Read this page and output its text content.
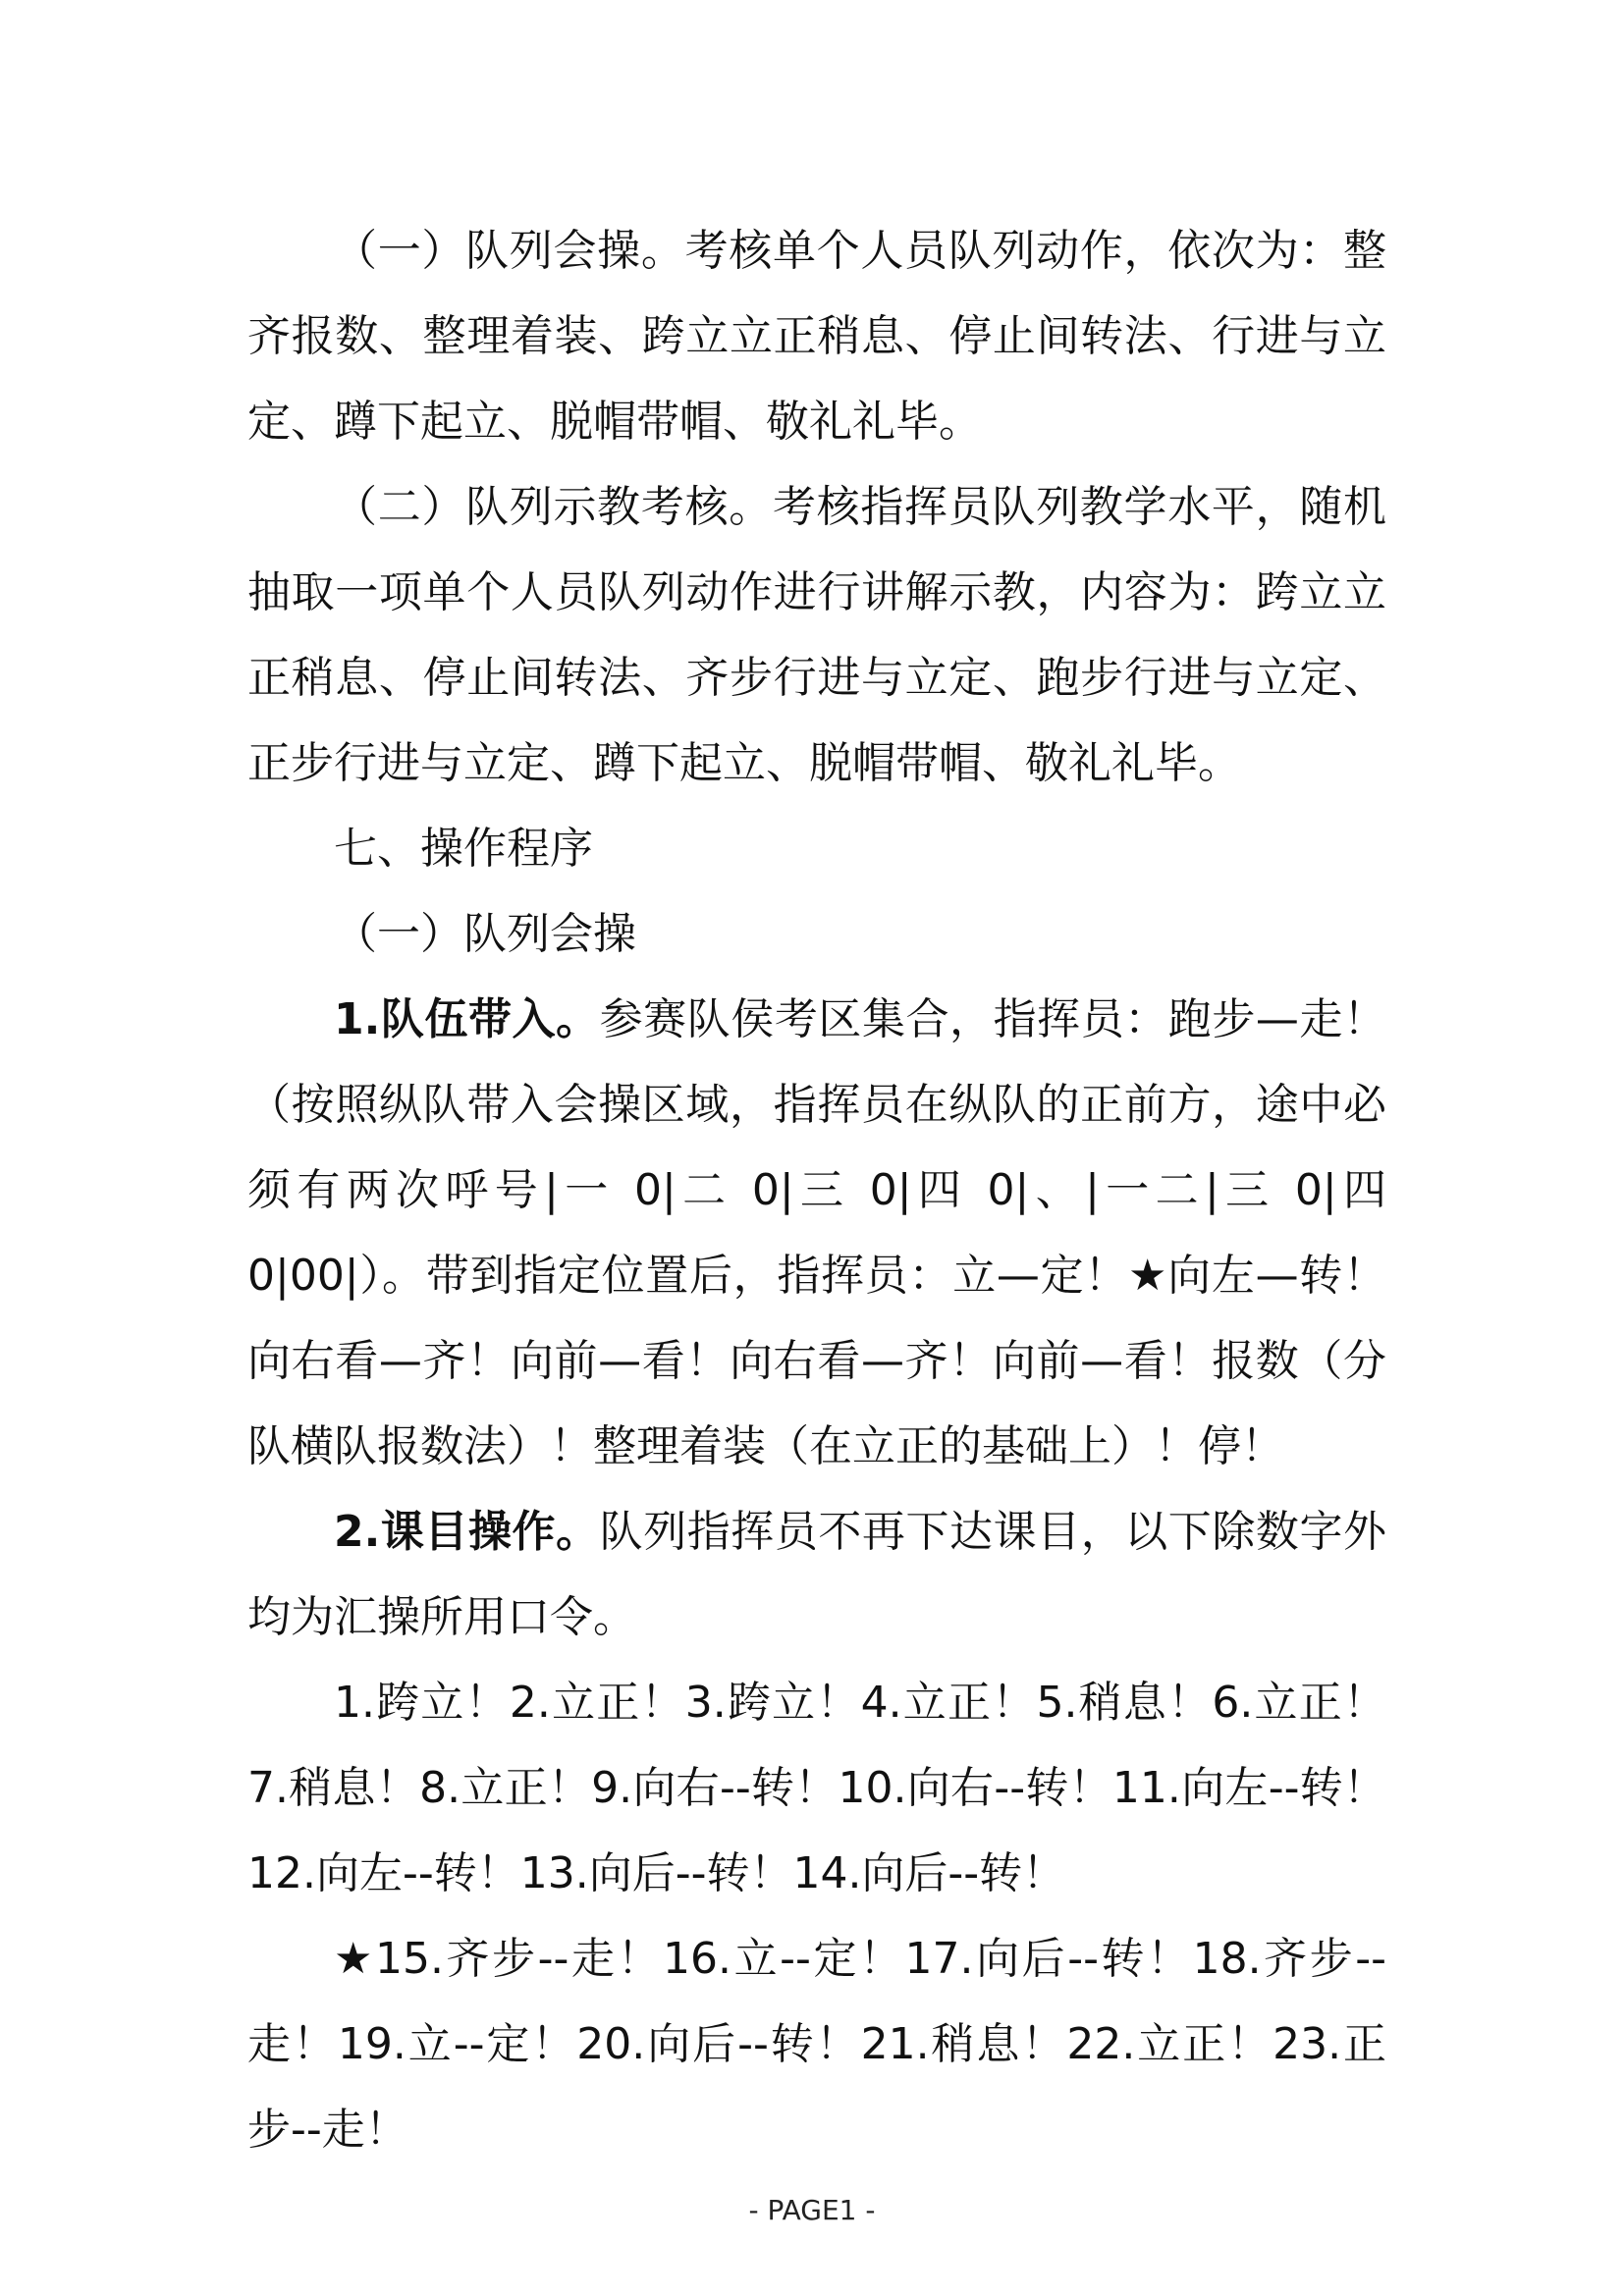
（一）队列会操。考核单个人员队列动作，依次为：整齐报数、整理着装、跨立立正稍息、停止间转法、行进与立定、蹲下起立、脱帽带帽、敬礼礼毕。

（二）队列示教考核。考核指挥员队列教学水平，随机抽取一项单个人员队列动作进行讲解示教，内容为：跨立立正稍息、停止间转法、齐步行进与立定、跑步行进与立定、正步行进与立定、蹲下起立、脱帽带帽、敬礼礼毕。

七、操作程序

（一）队列会操

1.队伍带入。参赛队侯考区集合，指挥员：跑步—走！（按照纵队带入会操区域，指挥员在纵队的正前方，途中必须有两次呼号|一 0|二 0|三 0|四 0|、|一二|三 0|四 0|00|）。带到指定位置后，指挥员：立—定！★向左—转！向右看—齐！向前—看！向右看—齐！向前—看！报数（分队横队报数法）！整理着装（在立正的基础上）！停！

2.课目操作。队列指挥员不再下达课目，以下除数字外均为汇操所用口令。

1.跨立！2.立正！3.跨立！4.立正！5.稍息！6.立正！7.稍息！8.立正！9.向右--转！10.向右--转！11.向左--转！12.向左--转！13.向后--转！14.向后--转！

★15.齐步--走！16.立--定！17.向后--转！18.齐步--走！19.立--定！20.向后--转！21.稍息！22.立正！23.正步--走！

- PAGE1 -
